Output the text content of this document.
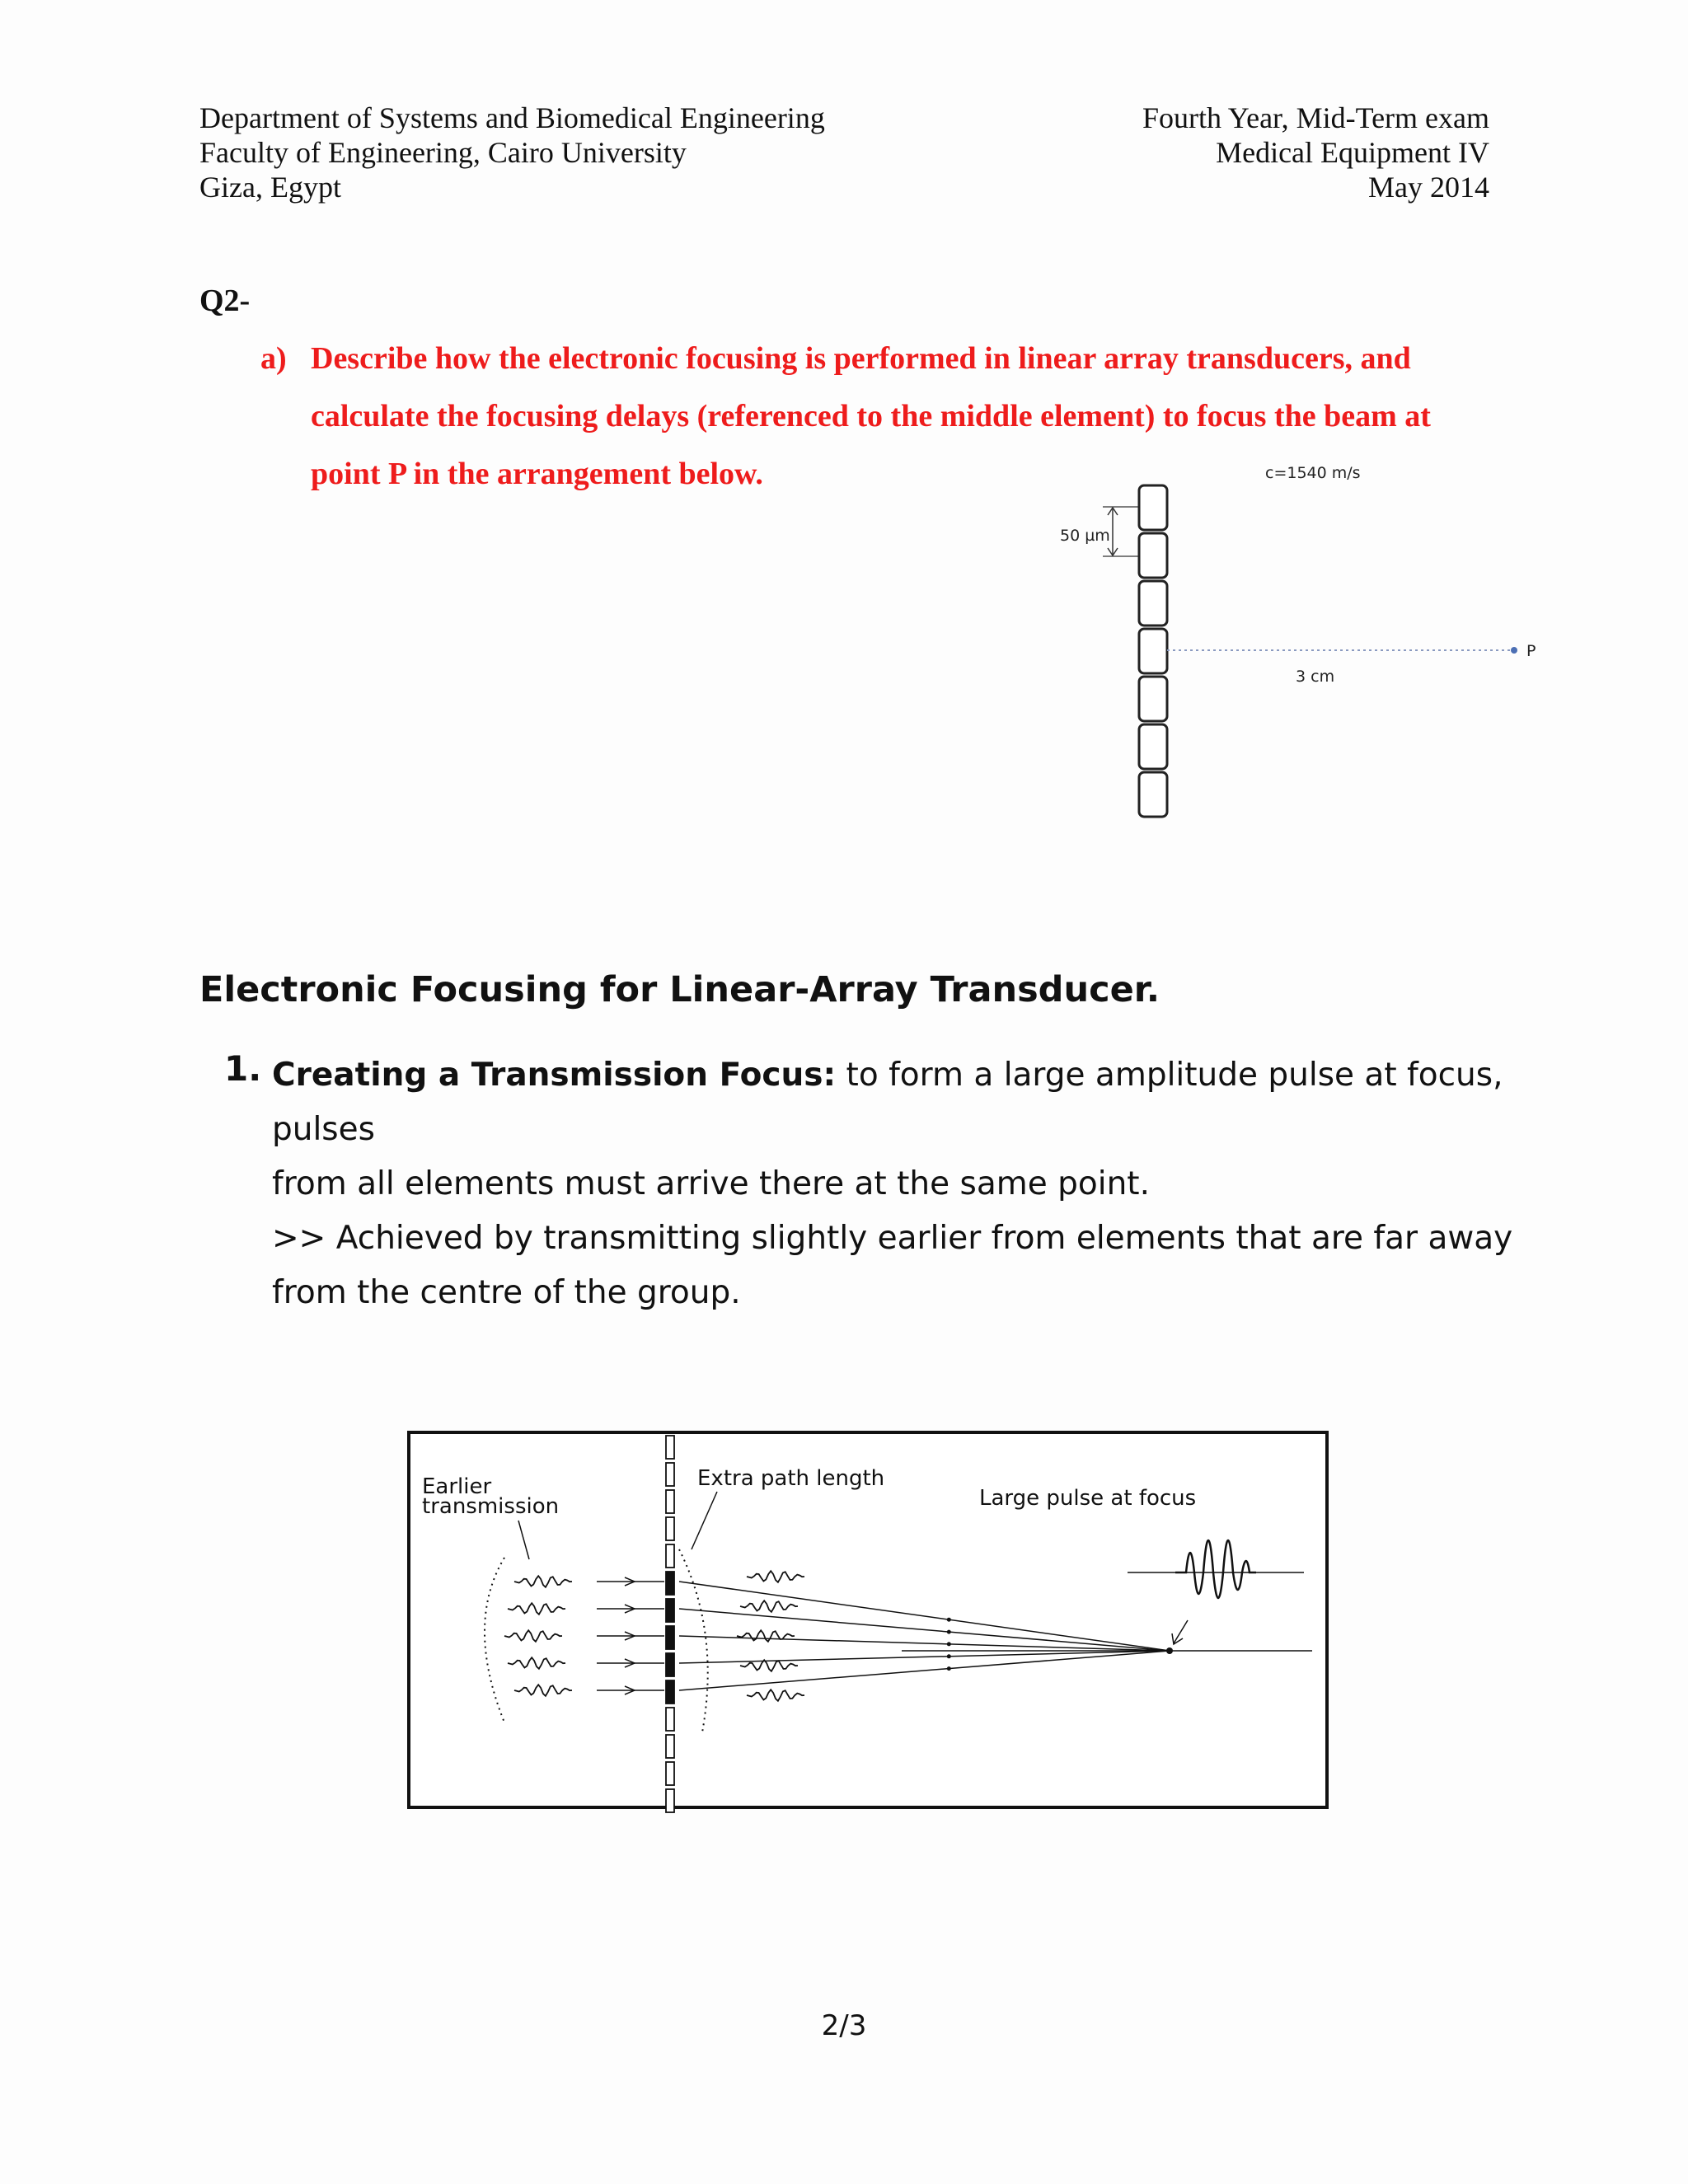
Department of Systems and Biomedical Engineering
Faculty of Engineering, Cairo University
Giza, Egypt
Fourth Year, Mid-Term exam
Medical Equipment IV
May 2014
Q2-
a) Describe how the electronic focusing is performed in linear array transducers, and
calculate the focusing delays (referenced to the middle element) to focus the beam at
point P in the arrangement below.	c=1540 m/s
50 µm
P
3 cm
Electronic Focusing for Linear-Array Transducer.
1. Creating a Transmission Focus: to form a large amplitude pulse at focus, pulses
from all elements must arrive there at the same point.
>> Achieved by transmitting slightly earlier from elements that are far away
from the centre of the group.
Earlier
transmission
Extra path length
Large pulse at focus
2/3
